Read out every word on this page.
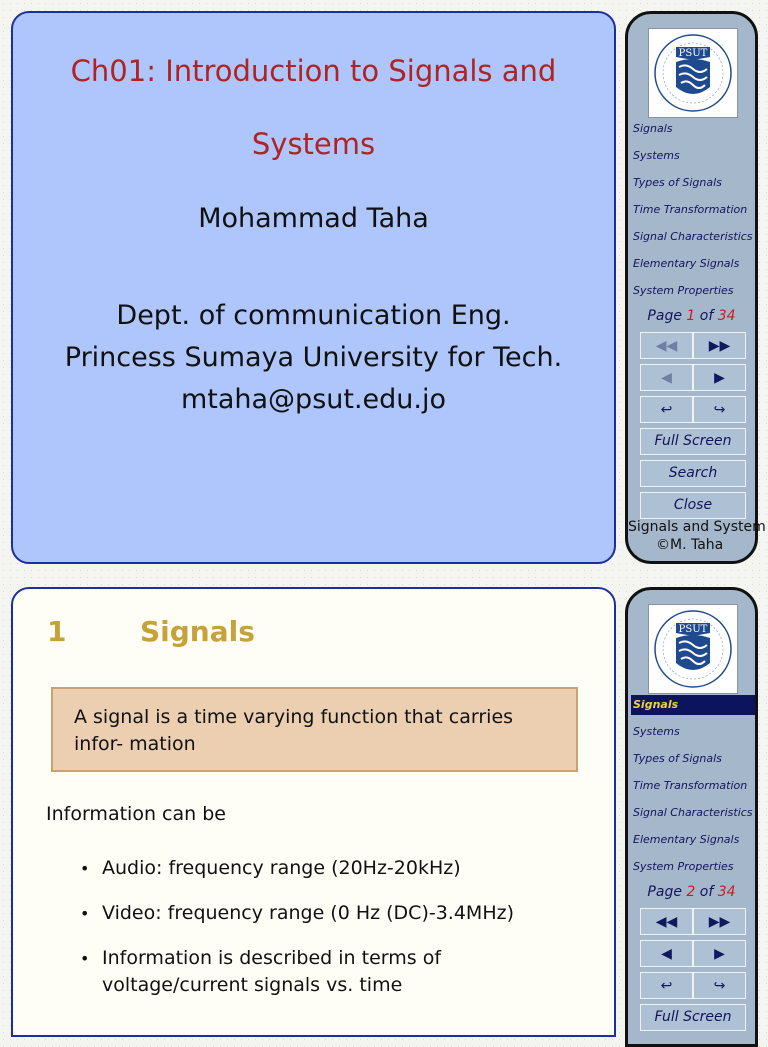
Ch01: Introduction to Signals and
Systems
Mohammad Taha
Dept. of communication Eng.
Princess Sumaya University for Tech.
mtaha@psut.edu.jo
PSUT
Signals
Systems
Types of Signals
Time Transformation
Signal Characteristics
Elementary Signals
System Properties
Page 1 of 34
◀◀ ▶▶
◀	▶
↩	↪
Full Screen
Search
Close
Signals and System
©M. Taha
1	Signals
A signal is a time varying function that carries infor- mation
Information can be
• Audio: frequency range (20Hz-20kHz)
• Video: frequency range (0 Hz (DC)-3.4MHz)
• Information is described in terms of voltage/current signals vs. time
PSUT
Signals
Systems
Types of Signals
Time Transformation
Signal Characteristics
Elementary Signals
System Properties
Page 2 of 34
◀◀ ▶▶
◀	▶
↩	↪
Full Screen
